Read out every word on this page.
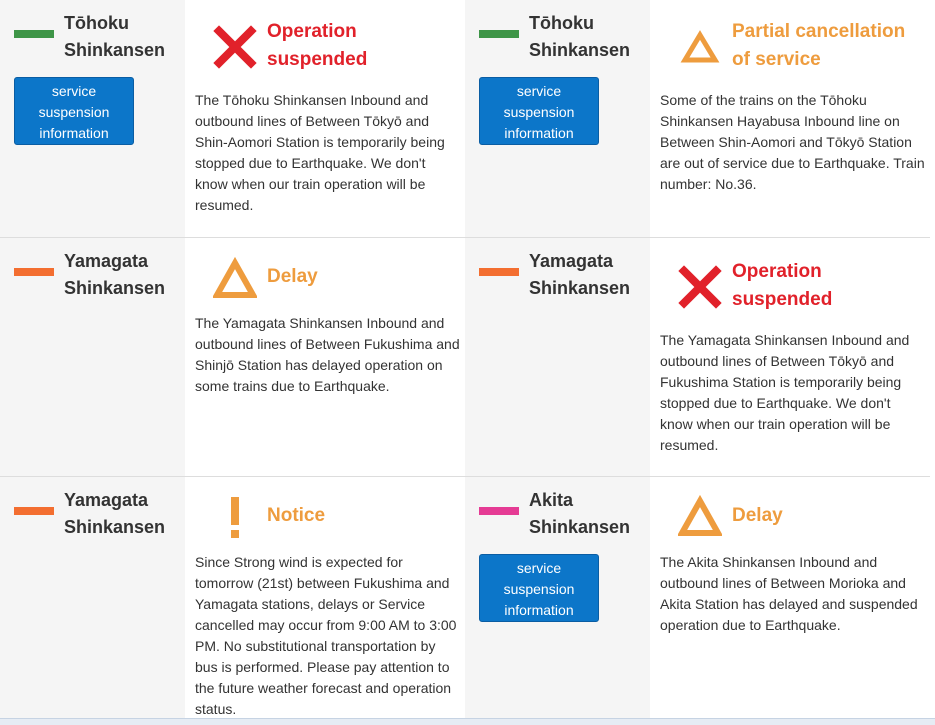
Tōhoku
Shinkansen
service
suspension
information
Operation
suspended
The Tōhoku Shinkansen Inbound and outbound lines of Between Tōkyō and Shin-Aomori Station is temporarily being stopped due to Earthquake. We don't know when our train operation will be resumed.
Tōhoku
Shinkansen
service
suspension
information
Partial cancellation
of service
Some of the trains on the Tōhoku Shinkansen Hayabusa Inbound line on Between Shin-Aomori and Tōkyō Station are out of service due to Earthquake. Train number: No.36.
Yamagata
Shinkansen
Delay
The Yamagata Shinkansen Inbound and outbound lines of Between Fukushima and Shinjō Station has delayed operation on some trains due to Earthquake.
Yamagata
Shinkansen
Operation
suspended
The Yamagata Shinkansen Inbound and outbound lines of Between Tōkyō and Fukushima Station is temporarily being stopped due to Earthquake. We don't know when our train operation will be resumed.
Yamagata
Shinkansen
Notice
Since Strong wind is expected for tomorrow (21st) between Fukushima and Yamagata stations, delays or Service cancelled may occur from 9:00 AM to 3:00 PM. No substitutional transportation by bus is performed. Please pay attention to the future weather forecast and operation status.
Akita
Shinkansen
service
suspension
information
Delay
The Akita Shinkansen Inbound and outbound lines of Between Morioka and Akita Station has delayed and suspended operation due to Earthquake.
